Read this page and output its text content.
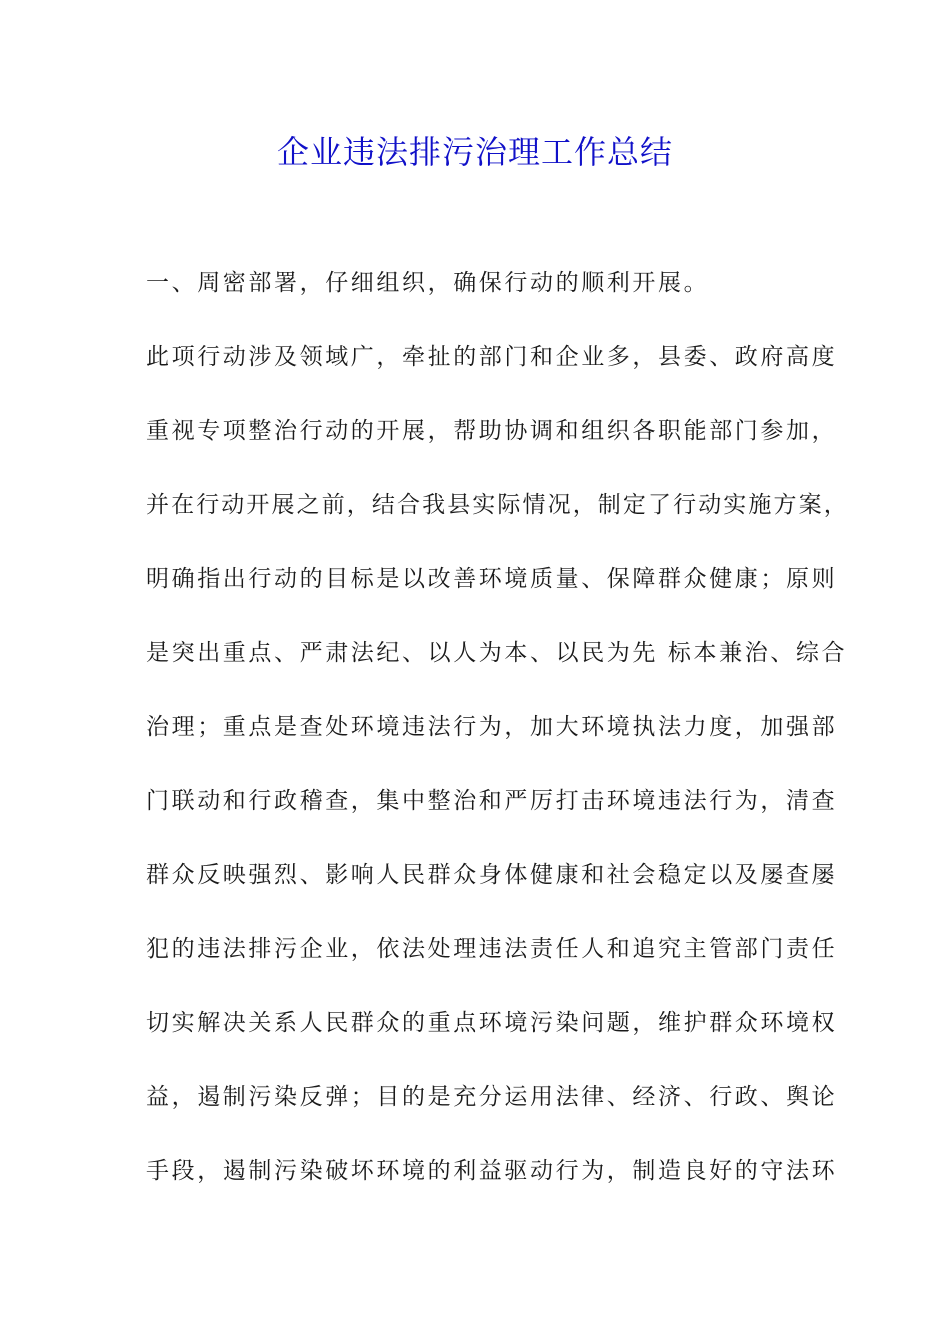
企业违法排污治理工作总结
一、周密部署，仔细组织，确保行动的顺利开展。
此项行动涉及领域广，牵扯的部门和企业多，县委、政府高度
重视专项整治行动的开展，帮助协调和组织各职能部门参加，
并在行动开展之前，结合我县实际情况，制定了行动实施方案，
明确指出行动的目标是以改善环境质量、保障群众健康；原则
是突出重点、严肃法纪、以人为本、以民为先 标本兼治、综合
治理；重点是查处环境违法行为，加大环境执法力度，加强部
门联动和行政稽查，集中整治和严厉打击环境违法行为，清查
群众反映强烈、影响人民群众身体健康和社会稳定以及屡查屡
犯的违法排污企业，依法处理违法责任人和追究主管部门责任
切实解决关系人民群众的重点环境污染问题，维护群众环境权
益，遏制污染反弹；目的是充分运用法律、经济、行政、舆论
手段，遏制污染破坏环境的利益驱动行为，制造良好的守法环
